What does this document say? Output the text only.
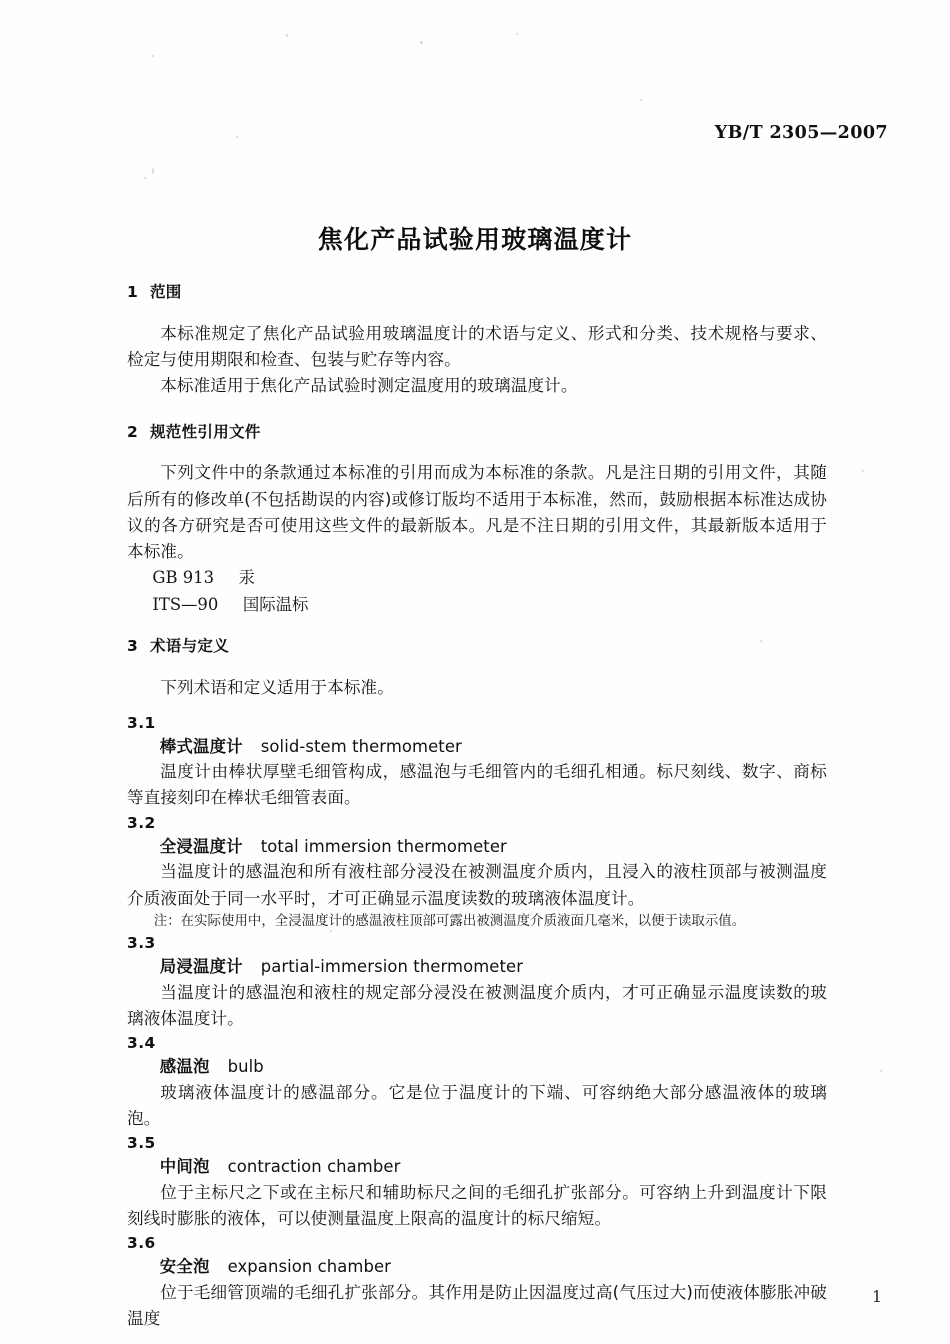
YB/T 2305—2007
焦化产品试验用玻璃温度计
1 范围

本标准规定了焦化产品试验用玻璃温度计的术语与定义、形式和分类、技术规格与要求、检定与使用期限和检查、包装与贮存等内容。

本标准适用于焦化产品试验时测定温度用的玻璃温度计。

2 规范性引用文件

下列文件中的条款通过本标准的引用而成为本标准的条款。凡是注日期的引用文件，其随后所有的修改单(不包括勘误的内容)或修订版均不适用于本标准，然而，鼓励根据本标准达成协议的各方研究是否可使用这些文件的最新版本。凡是不注日期的引用文件，其最新版本适用于本标准。

GB 913 汞

ITS—90 国际温标

3 术语与定义

下列术语和定义适用于本标准。

3.1

棒式温度计 solid-stem thermometer

温度计由棒状厚壁毛细管构成，感温泡与毛细管内的毛细孔相通。标尺刻线、数字、商标等直接刻印在棒状毛细管表面。

3.2

全浸温度计 total immersion thermometer

当温度计的感温泡和所有液柱部分浸没在被测温度介质内，且浸入的液柱顶部与被测温度介质液面处于同一水平时，才可正确显示温度读数的玻璃液体温度计。

注：在实际使用中，全浸温度计的感温液柱顶部可露出被测温度介质液面几毫米，以便于读取示值。

3.3

局浸温度计 partial-immersion thermometer

当温度计的感温泡和液柱的规定部分浸没在被测温度介质内，才可正确显示温度读数的玻璃液体温度计。

3.4

感温泡 bulb

玻璃液体温度计的感温部分。它是位于温度计的下端、可容纳绝大部分感温液体的玻璃泡。

3.5

中间泡 contraction chamber

位于主标尺之下或在主标尺和辅助标尺之间的毛细孔扩张部分。可容纳上升到温度计下限刻线时膨胀的液体，可以使测量温度上限高的温度计的标尺缩短。

3.6

安全泡 expansion chamber

位于毛细管顶端的毛细孔扩张部分。其作用是防止因温度过高(气压过大)而使液体膨胀冲破温度

1
